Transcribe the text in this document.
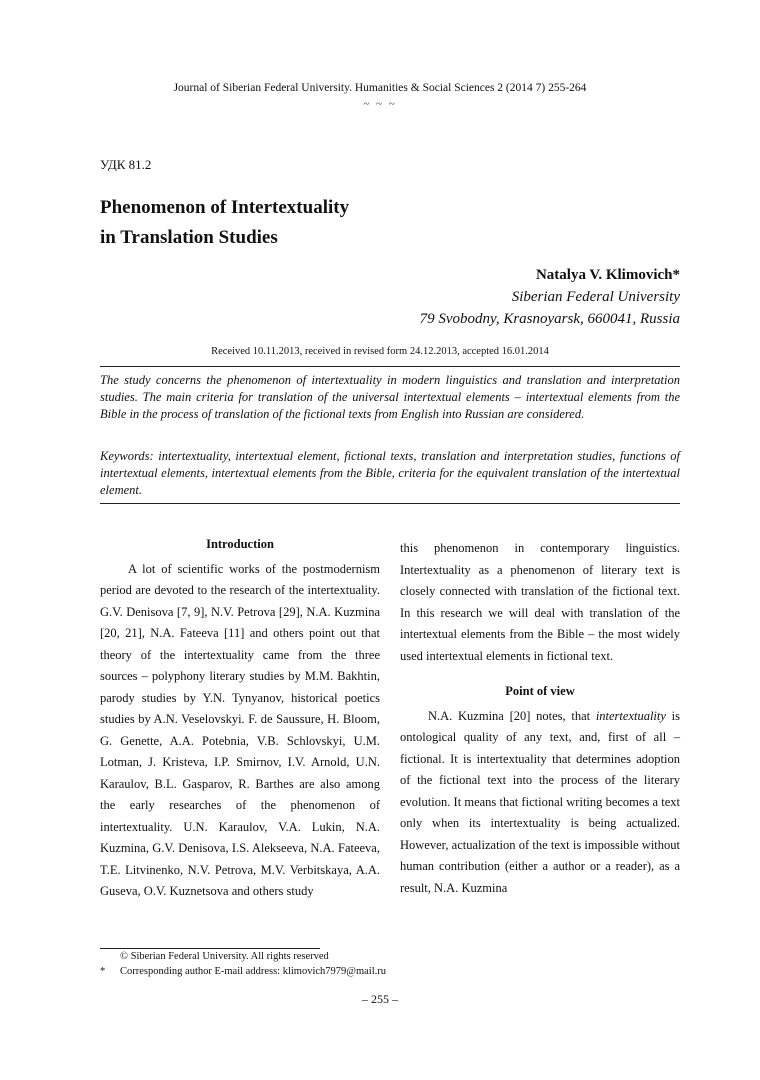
Journal of Siberian Federal University. Humanities & Social Sciences 2 (2014 7) 255-264
~ ~ ~
УДК 81.2
Phenomenon of Intertextuality
in Translation Studies
Natalya V. Klimovich*
Siberian Federal University
79 Svobodny, Krasnoyarsk, 660041, Russia
Received 10.11.2013, received in revised form 24.12.2013, accepted 16.01.2014
The study concerns the phenomenon of intertextuality in modern linguistics and translation and interpretation studies. The main criteria for translation of the universal intertextual elements – intertextual elements from the Bible in the process of translation of the fictional texts from English into Russian are considered.
Keywords: intertextuality, intertextual element, fictional texts, translation and interpretation studies, functions of intertextual elements, intertextual elements from the Bible, criteria for the equivalent translation of the intertextual element.

Introduction

A lot of scientific works of the postmodernism period are devoted to the research of the intertextuality. G.V. Denisova [7, 9], N.V. Petrova [29], N.A. Kuzmina [20, 21], N.A. Fateeva [11] and others point out that theory of the intertextuality came from the three sources – polyphony literary studies by M.M. Bakhtin, parody studies by Y.N. Tynyanov, historical poetics studies by A.N. Veselovskyi. F. de Saussure, H. Bloom, G. Genette, A.A. Potebnia, V.B. Schlovskyi, U.M. Lotman, J. Kristeva, I.P. Smirnov, I.V. Arnold, U.N. Karaulov, B.L. Gasparov, R. Barthes are also among the early researches of the phenomenon of intertextuality. U.N. Karaulov, V.A. Lukin, N.A. Kuzmina, G.V. Denisova, I.S. Alekseeva, N.A. Fateeva, T.E. Litvinenko, N.V. Petrova, M.V. Verbitskaya, A.A. Guseva, O.V. Kuznetsova and others study

this phenomenon in contemporary linguistics. Intertextuality as a phenomenon of literary text is closely connected with translation of the fictional text. In this research we will deal with translation of the intertextual elements from the Bible – the most widely used intertextual elements in fictional text.

Point of view

N.A. Kuzmina [20] notes, that intertextuality is ontological quality of any text, and, first of all – fictional. It is intertextuality that determines adoption of the fictional text into the process of the literary evolution. It means that fictional writing becomes a text only when its intertextuality is being actualized. However, actualization of the text is impossible without human contribution (either a author or a reader), as a result, N.A. Kuzmina

© Siberian Federal University. All rights reserved
* Corresponding author E-mail address: klimovich7979@mail.ru
– 255 –
